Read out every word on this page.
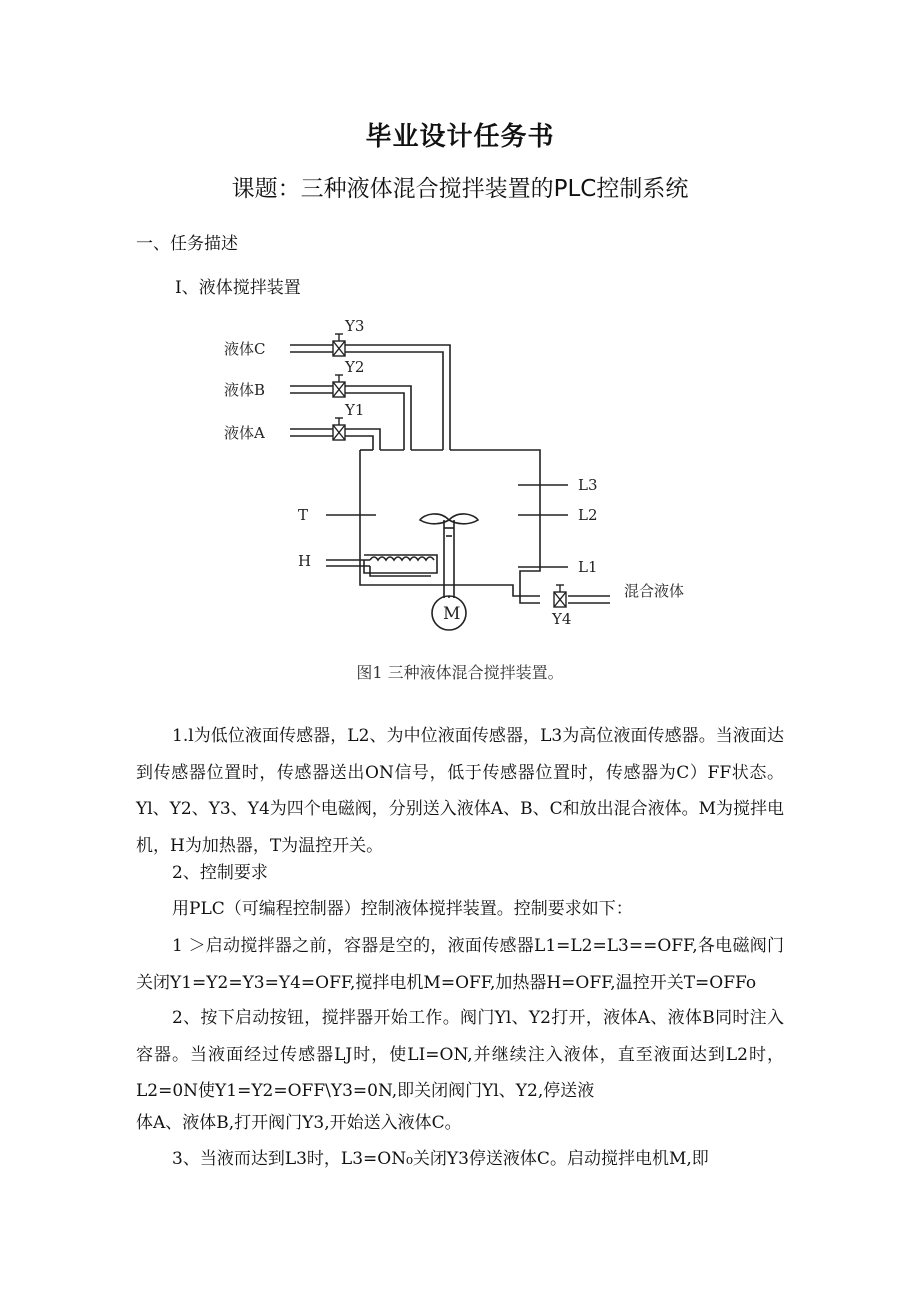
毕业设计任务书
课题：三种液体混合搅拌装置的PLC控制系统
一、任务描述
I、液体搅拌装置
液体C
液体B
液体A
Y3
Y2
Y1
Y4
T
H
L3
L2
L1
混合液体
M
图1 三种液体混合搅拌装置。
1.l为低位液面传感器，L2、为中位液面传感器，L3为高位液面传感器。当液面达到传感器位置时，传感器送出ON信号，低于传感器位置时，传感器为C）FF状态。Yl、Y2、Y3、Y4为四个电磁阀，分别送入液体A、B、C和放出混合液体。M为搅拌电机，H为加热器，T为温控开关。
2、控制要求
用PLC（可编程控制器）控制液体搅拌装置。控制要求如下：
1 ＞启动搅拌器之前，容器是空的，液面传感器L1=L2=L3==OFF,各电磁阀门关闭Y1=Y2=Y3=Y4=OFF,搅拌电机M=OFF,加热器H=OFF,温控开关T=OFFo
2、按下启动按钮，搅拌器开始工作。阀门Yl、Y2打开，液体A、液体B同时注入容器。当液面经过传感器LJ时，使LI=ON,并继续注入液体，直至液面达到L2时，L2=0N使Y1=Y2=OFF\Y3=0N,即关闭阀门Yl、Y2,停送液
体A、液体B,打开阀门Y3,开始送入液体C。
3、当液而达到L3时，L3=ON₀关闭Y3停送液体C。启动搅拌电机M,即
